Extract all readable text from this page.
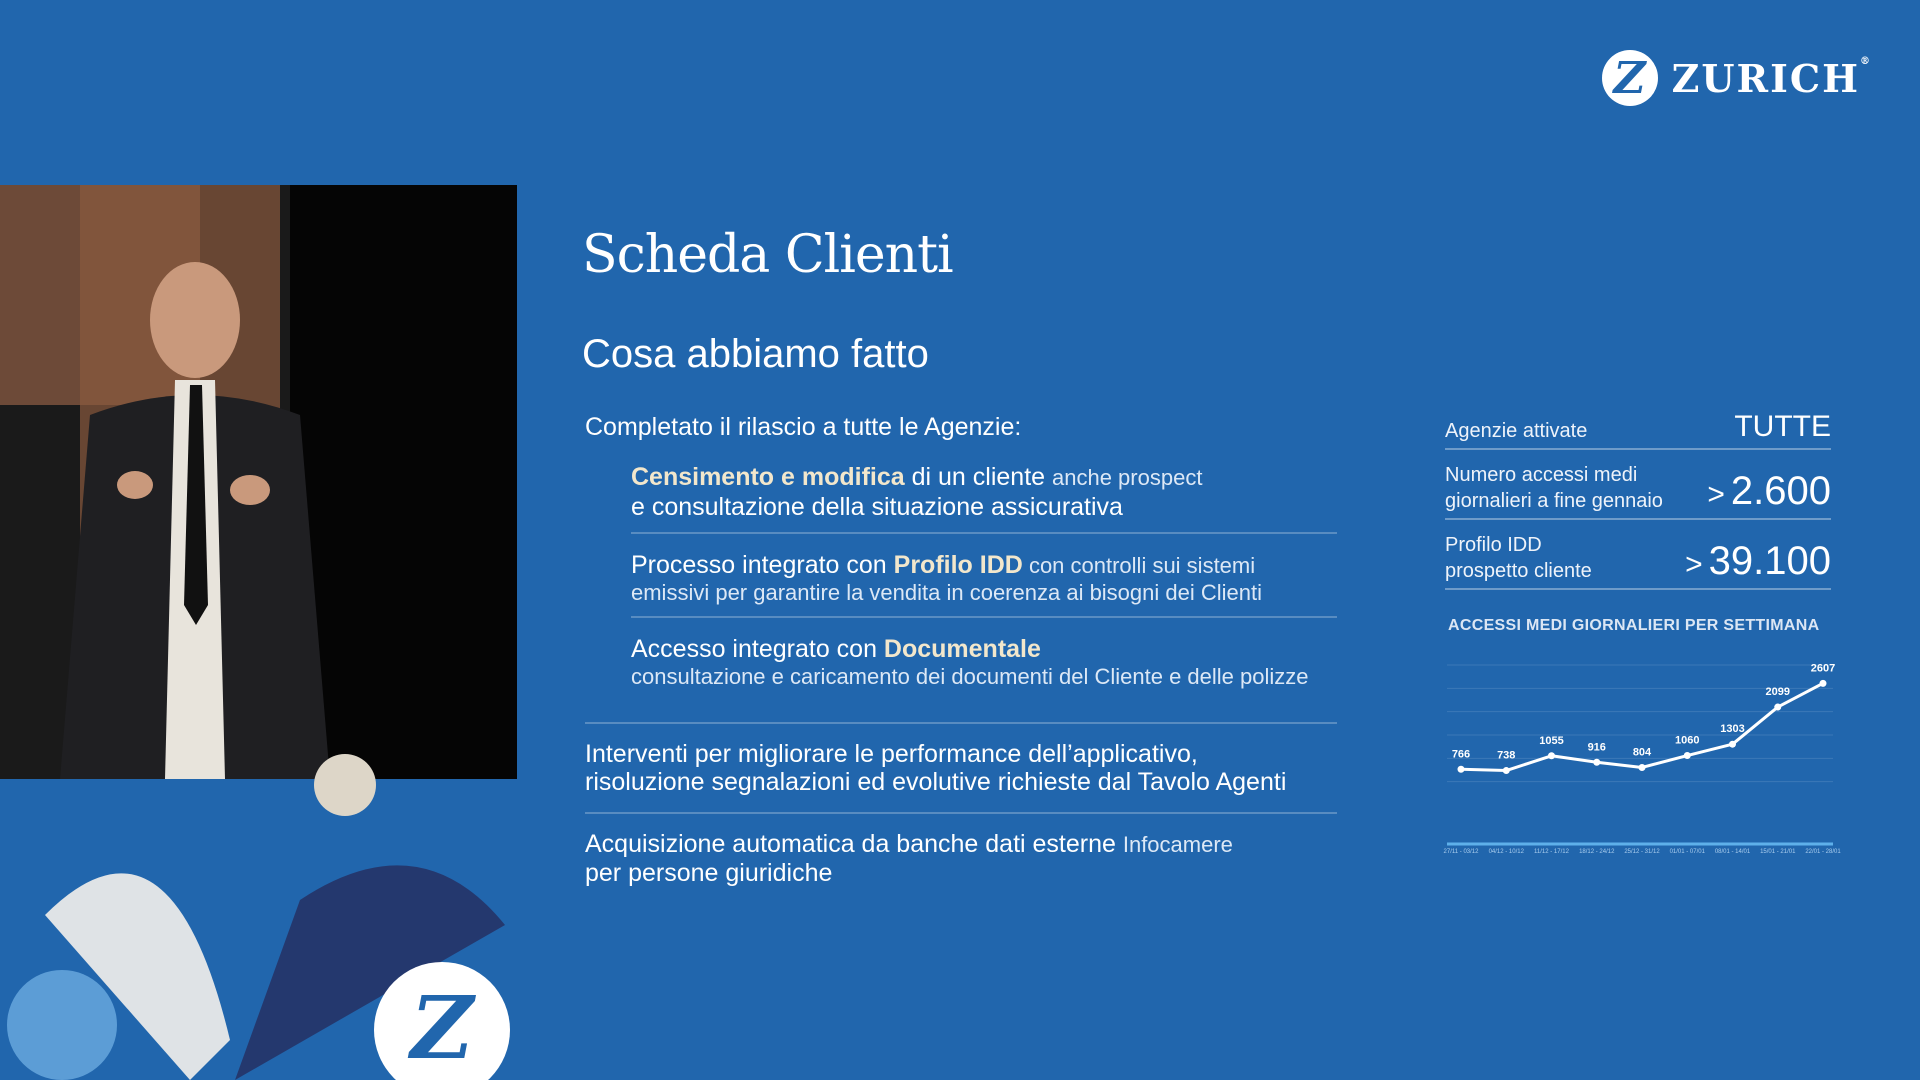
Z ZURICH®
Z
Scheda Clienti
Cosa abbiamo fatto
Completato il rilascio a tutte le Agenzie:
Censimento e modifica di un cliente anche prospect
e consultazione della situazione assicurativa
Processo integrato con Profilo IDD con controlli sui sistemi
emissivi per garantire la vendita in coerenza ai bisogni dei Clienti
Accesso integrato con Documentale
consultazione e caricamento dei documenti del Cliente e delle polizze
Interventi per migliorare le performance dell’applicativo,
risoluzione segnalazioni ed evolutive richieste dal Tavolo Agenti
Acquisizione automatica da banche dati esterne Infocamere
per persone giuridiche
Agenzie attivate	TUTTE
Numero accessi medi
giornalieri a fine gennaio > 2.600
Profilo IDD
prospetto cliente	> 39.100
ACCESSI MEDI GIORNALIERI PER SETTIMANA
766 738
1055
916 804
1060
1303
2099
2607
27/11 - 03/12 04/12 - 10/12 11/12 - 17/12 18/12 - 24/12 25/12 - 31/12 01/01 - 07/01 08/01 - 14/01 15/01 - 21/01 22/01 - 28/01
